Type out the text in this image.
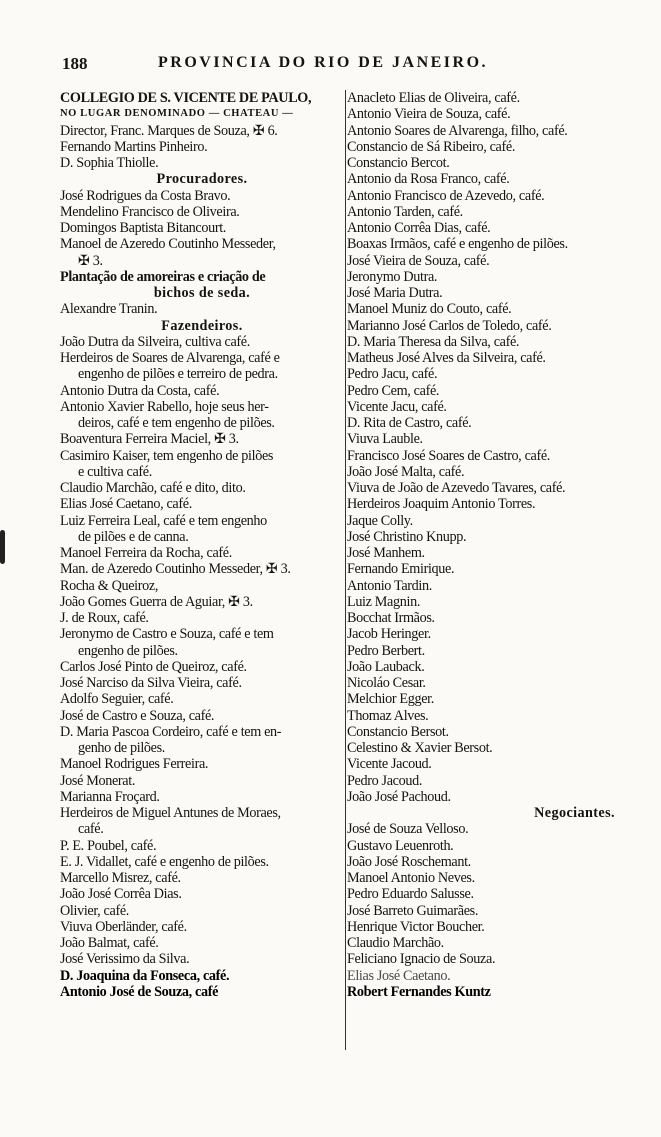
188	PROVINCIA DO RIO DE JANEIRO.
COLLEGIO DE S. VICENTE DE PAULO,
NO LUGAR DENOMINADO — CHATEAU —
Director, Franc. Marques de Souza, ✠ 6.
Fernando Martins Pinheiro.
D. Sophia Thiolle.
Procuradores.
José Rodrigues da Costa Bravo.
Mendelino Francisco de Oliveira.
Domingos Baptista Bitancourt.
Manoel de Azeredo Coutinho Messeder,
✠ 3.
Plantação de amoreiras e criação de
bichos de seda.
Alexandre Tranin.
Fazendeiros.
João Dutra da Silveira, cultiva café.
Herdeiros de Soares de Alvarenga, café e
engenho de pilões e terreiro de pedra.
Antonio Dutra da Costa, café.
Antonio Xavier Rabello, hoje seus her-
deiros, café e tem engenho de pilões.
Boaventura Ferreira Maciel, ✠ 3.
Casimiro Kaiser, tem engenho de pilões
e cultiva café.
Claudio Marchão, café e dito, dito.
Elias José Caetano, café.
Luiz Ferreira Leal, café e tem engenho
de pilões e de canna.
Manoel Ferreira da Rocha, café.
Man. de Azeredo Coutinho Messeder, ✠ 3.
Rocha & Queiroz,
João Gomes Guerra de Aguiar, ✠ 3.
J. de Roux, café.
Jeronymo de Castro e Souza, café e tem
engenho de pilões.
Carlos José Pinto de Queiroz, café.
José Narciso da Silva Vieira, café.
Adolfo Seguier, café.
José de Castro e Souza, café.
D. Maria Pascoa Cordeiro, café e tem en-
genho de pilões.
Manoel Rodrigues Ferreira.
José Monerat.
Marianna Froçard.
Herdeiros de Miguel Antunes de Moraes,
café.
P. E. Poubel, café.
E. J. Vidallet, café e engenho de pilões.
Marcello Misrez, café.
João José Corrêa Dias.
Olivier, café.
Viuva Oberländer, café.
João Balmat, café.
José Verissimo da Silva.
D. Joaquina da Fonseca, café.
Antonio José de Souza, café
Anacleto Elias de Oliveira, café.
Antonio Vieira de Souza, café.
Antonio Soares de Alvarenga, filho, café.
Constancio de Sá Ribeiro, café.
Constancio Bercot.
Antonio da Rosa Franco, café.
Antonio Francisco de Azevedo, café.
Antonio Tarden, café.
Antonio Corrêa Dias, café.
Boaxas Irmãos, café e engenho de pilões.
José Vieira de Souza, café.
Jeronymo Dutra.
José Maria Dutra.
Manoel Muniz do Couto, café.
Marianno José Carlos de Toledo, café.
D. Maria Theresa da Silva, café.
Matheus José Alves da Silveira, café.
Pedro Jacu, café.
Pedro Cem, café.
Vicente Jacu, café.
D. Rita de Castro, café.
Viuva Lauble.
Francisco José Soares de Castro, café.
João José Malta, café.
Viuva de João de Azevedo Tavares, café.
Herdeiros Joaquim Antonio Torres.
Jaque Colly.
José Christino Knupp.
José Manhem.
Fernando Emirique.
Antonio Tardin.
Luiz Magnin.
Bocchat Irmãos.
Jacob Heringer.
Pedro Berbert.
João Lauback.
Nicoláo Cesar.
Melchior Egger.
Thomaz Alves.
Constancio Bersot.
Celestino & Xavier Bersot.
Vicente Jacoud.
Pedro Jacoud.
João José Pachoud.
Negociantes.
José de Souza Velloso.
Gustavo Leuenroth.
João José Roschemant.
Manoel Antonio Neves.
Pedro Eduardo Salusse.
José Barreto Guimarães.
Henrique Victor Boucher.
Claudio Marchão.
Feliciano Ignacio de Souza.
Elias José Caetano.
Robert Fernandes Kuntz
